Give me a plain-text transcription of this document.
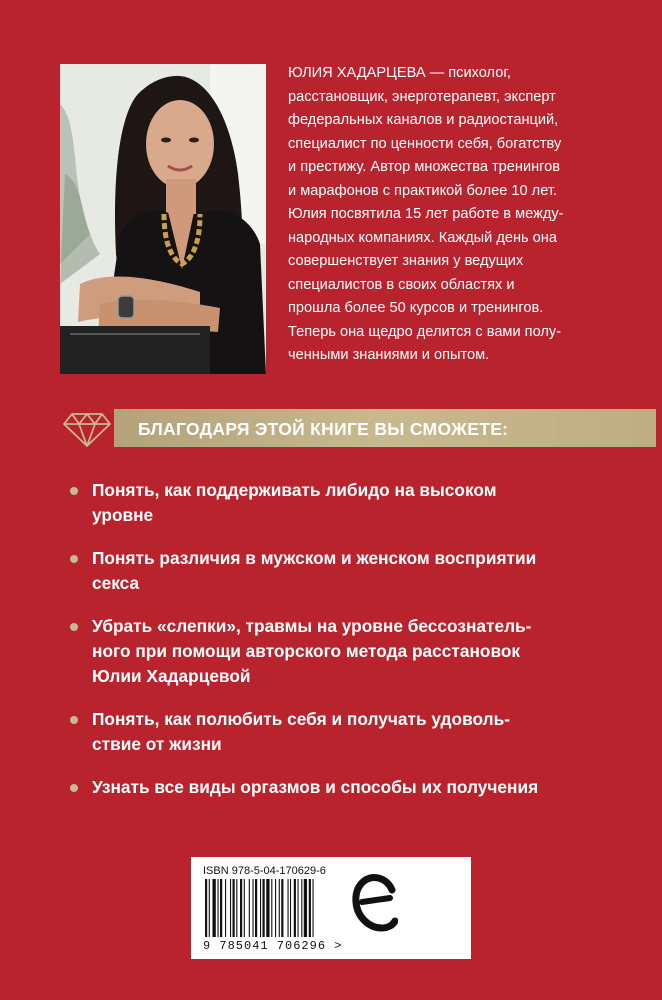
ЮЛИЯ ХАДАРЦЕВА — психолог,

расстановщик, энерготерапевт, эксперт

федеральных каналов и радиостанций,

специалист по ценности себя, богатству

и престижу. Автор множества тренингов

и марафонов с практикой более 10 лет.

Юлия посвятила 15 лет работе в между-

народных компаниях. Каждый день она

совершенствует знания у ведущих

специалистов в своих областях и

прошла более 50 курсов и тренингов.

Теперь она щедро делится с вами полу-

ченными знаниями и опытом.

БЛАГОДАРЯ ЭТОЙ КНИГЕ ВЫ СМОЖЕТЕ:
Понять, как поддерживать либидо на высоком
уровне
Понять различия в мужском и женском восприятии
секса
Убрать «слепки», травмы на уровне бессознатель-
ного при помощи авторского метода расстановок
Юлии Хадарцевой
Понять, как полюбить себя и получать удоволь-
ствие от жизни
Узнать все виды оргазмов и способы их получения
ISBN 978-5-04-170629-6
9 785041 706296 >
